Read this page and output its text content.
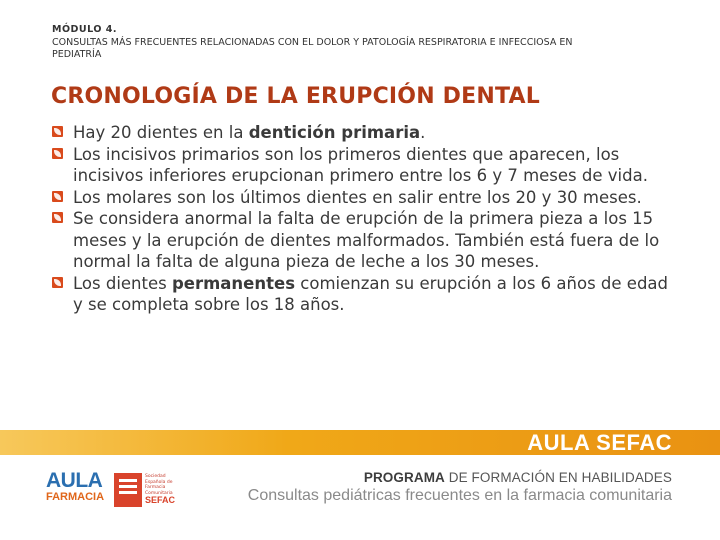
MÓDULO 4.
CONSULTAS MÁS FRECUENTES RELACIONADAS CON EL DOLOR Y PATOLOGÍA RESPIRATORIA E INFECCIOSA EN PEDIATRÍA
CRONOLOGÍA DE LA ERUPCIÓN DENTAL
Hay 20 dientes en la dentición primaria.
Los incisivos primarios son los primeros dientes que aparecen, los incisivos inferiores erupcionan primero entre los 6 y 7 meses de vida.
Los molares son los últimos dientes en salir entre los 20 y 30 meses.
Se considera anormal la falta de erupción de la primera pieza a los 15 meses y la erupción de dientes malformados. También está fuera de lo normal la falta de alguna pieza de leche a los 30 meses.
Los dientes permanentes comienzan su erupción a los 6 años de edad y se completa sobre los 18 años.
AULA SEFAC
AULA
FARMACIA
Sociedad Española de Farmacia Comunitaria
SEFAC
PROGRAMA DE FORMACIÓN EN HABILIDADES
Consultas pediátricas frecuentes en la farmacia comunitaria
